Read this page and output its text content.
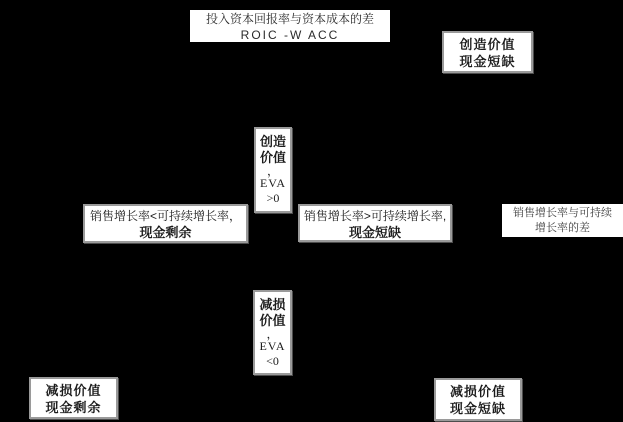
投入资本回报率与资本成本的差
ROIC -W ACC
创造价值
现金短缺
创造
价值
，
EVA
>0
销售增长率<可持续增长率，
现金剩余
销售增长率>可持续增长率,
现金短缺
销售增长率与可持续
增长率的差
减损
价值
，
EVA
<0
减损价值
现金剩余
减损价值
现金短缺
